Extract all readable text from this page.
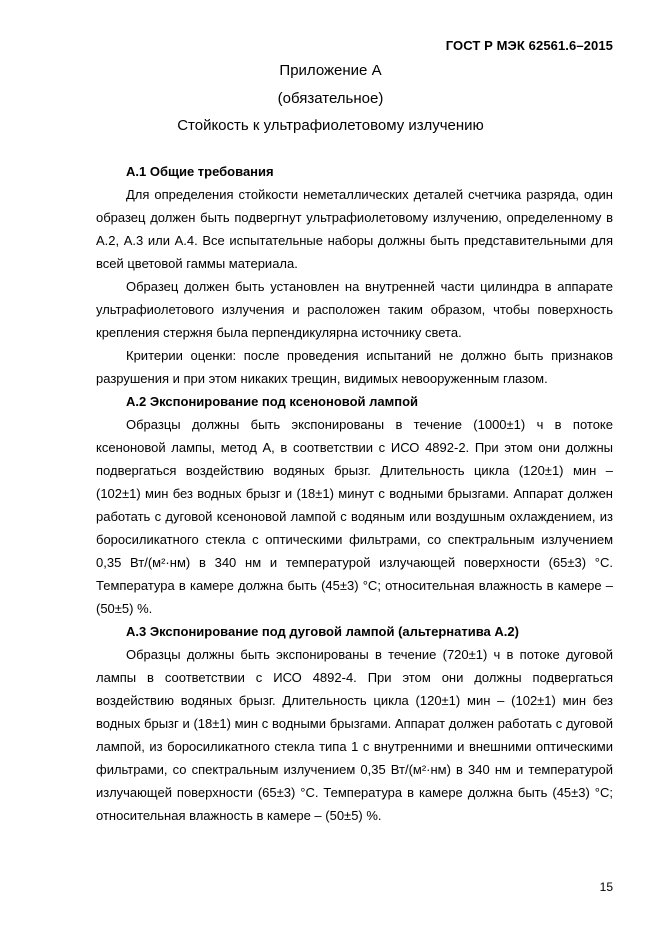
ГОСТ Р МЭК 62561.6–2015
Приложение А
(обязательное)
Стойкость к ультрафиолетовому излучению
А.1 Общие требования

Для определения стойкости неметаллических деталей счетчика разряда, один образец должен быть подвергнут ультрафиолетовому излучению, определенному в А.2, А.3 или А.4. Все испытательные наборы должны быть представительными для всей цветовой гаммы материала.

Образец должен быть установлен на внутренней части цилиндра в аппарате ультрафиолетового излучения и расположен таким образом, чтобы поверхность крепления стержня была перпендикулярна источнику света.

Критерии оценки: после проведения испытаний не должно быть признаков разрушения и при этом никаких трещин, видимых невооруженным глазом.

А.2 Экспонирование под ксеноновой лампой

Образцы должны быть экспонированы в течение (1000±1) ч в потоке ксеноновой лампы, метод А, в соответствии с ИСО 4892-2. При этом они должны подвергаться воздействию водяных брызг. Длительность цикла (120±1) мин – (102±1) мин без водных брызг и (18±1) минут с водными брызгами. Аппарат должен работать с дуговой ксеноновой лампой с водяным или воздушным охлаждением, из боросиликатного стекла с оптическими фильтрами, со спектральным излучением 0,35 Вт/(м²·нм) в 340 нм и температурой излучающей поверхности (65±3) °С. Температура в камере должна быть (45±3) °С; относительная влажность в камере – (50±5) %.

А.3 Экспонирование под дуговой лампой (альтернатива А.2)

Образцы должны быть экспонированы в течение (720±1) ч в потоке дуговой лампы в соответствии с ИСО 4892-4. При этом они должны подвергаться воздействию водяных брызг. Длительность цикла (120±1) мин – (102±1) мин без водных брызг и (18±1) мин с водными брызгами. Аппарат должен работать с дуговой лампой, из боросиликатного стекла типа 1 с внутренними и внешними оптическими фильтрами, со спектральным излучением 0,35 Вт/(м²·нм) в 340 нм и температурой излучающей поверхности (65±3) °С. Температура в камере должна быть (45±3) °С; относительная влажность в камере – (50±5) %.

15
